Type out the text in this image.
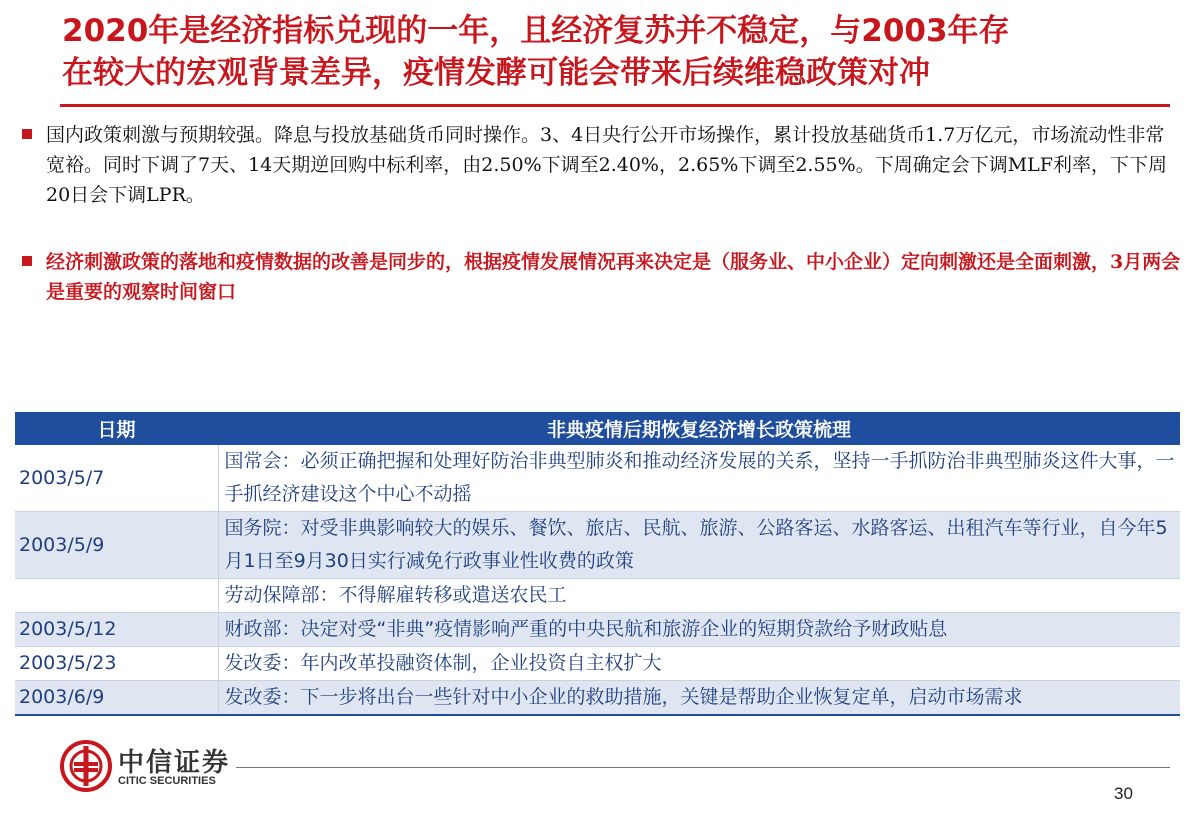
2020年是经济指标兑现的一年，且经济复苏并不稳定，与2003年存
在较大的宏观背景差异，疫情发酵可能会带来后续维稳政策对冲
国内政策刺激与预期较强。降息与投放基础货币同时操作。3、4日央行公开市场操作，累计投放基础货币1.7万亿元，市场流动性非常宽裕。同时下调了7天、14天期逆回购中标利率，由2.50%下调至2.40%，2.65%下调至2.55%。下周确定会下调MLF利率，下下周20日会下调LPR。
经济刺激政策的落地和疫情数据的改善是同步的，根据疫情发展情况再来决定是（服务业、中小企业）定向刺激还是全面刺激，3月两会是重要的观察时间窗口
日期	非典疫情后期恢复经济增长政策梳理
2003/5/7	国常会：必须正确把握和处理好防治非典型肺炎和推动经济发展的关系，坚持一手抓防治非典型肺炎这件大事，一手抓经济建设这个中心不动摇
2003/5/9	国务院：对受非典影响较大的娱乐、餐饮、旅店、民航、旅游、公路客运、水路客运、出租汽车等行业，自今年5月1日至9月30日实行减免行政事业性收费的政策
	劳动保障部：不得解雇转移或遣送农民工
2003/5/12	财政部：决定对受“非典”疫情影响严重的中央民航和旅游企业的短期贷款给予财政贴息
2003/5/23	发改委：年内改革投融资体制，企业投资自主权扩大
2003/6/9	发改委：下一步将出台一些针对中小企业的救助措施，关键是帮助企业恢复定单，启动市场需求
中信证券
CITIC SECURITIES
30
